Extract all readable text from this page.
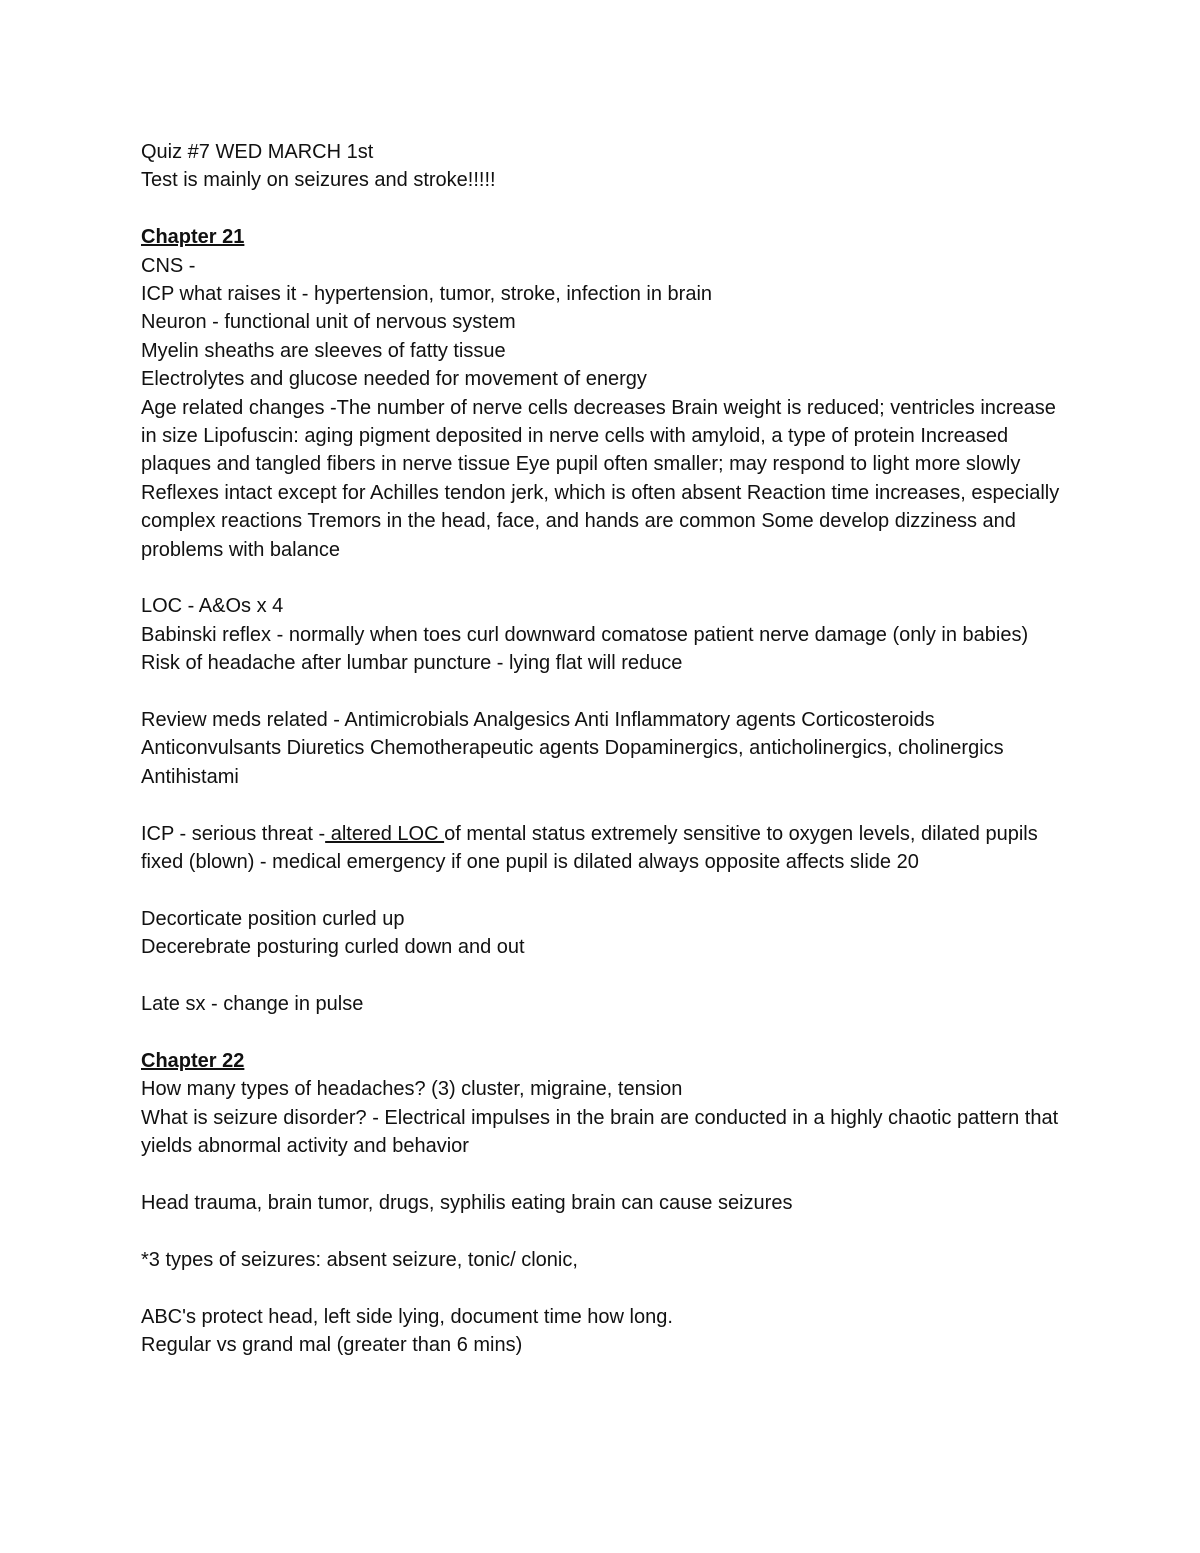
Quiz #7 WED MARCH 1st

Test is mainly on seizures and stroke!!!!!

Chapter 21

CNS -

ICP what raises it - hypertension, tumor, stroke, infection in brain

Neuron - functional unit of nervous system

Myelin sheaths are sleeves of fatty tissue

Electrolytes and glucose needed for movement of energy

Age related changes -The number of nerve cells decreases Brain weight is reduced; ventricles increase in size Lipofuscin: aging pigment deposited in nerve cells with amyloid, a type of protein Increased plaques and tangled fibers in nerve tissue Eye pupil often smaller; may respond to light more slowly Reflexes intact except for Achilles tendon jerk, which is often absent Reaction time increases, especially complex reactions Tremors in the head, face, and hands are common Some develop dizziness and problems with balance

LOC - A&Os x 4

Babinski reflex - normally when toes curl downward comatose patient nerve damage (only in babies)

Risk of headache after lumbar puncture - lying flat will reduce

Review meds related - Antimicrobials Analgesics Anti Inflammatory agents Corticosteroids Anticonvulsants Diuretics Chemotherapeutic agents Dopaminergics, anticholinergics, cholinergics Antihistami

ICP - serious threat - altered LOC of mental status extremely sensitive to oxygen levels, dilated pupils fixed (blown) - medical emergency if one pupil is dilated always opposite affects slide 20

Decorticate position curled up

Decerebrate posturing curled down and out

Late sx - change in pulse

Chapter 22

How many types of headaches? (3) cluster, migraine, tension

What is seizure disorder? - Electrical impulses in the brain are conducted in a highly chaotic pattern that yields abnormal activity and behavior

Head trauma, brain tumor, drugs, syphilis eating brain can cause seizures

*3 types of seizures: absent seizure, tonic/ clonic,

ABC's protect head, left side lying, document time how long.

Regular vs grand mal (greater than 6 mins)
